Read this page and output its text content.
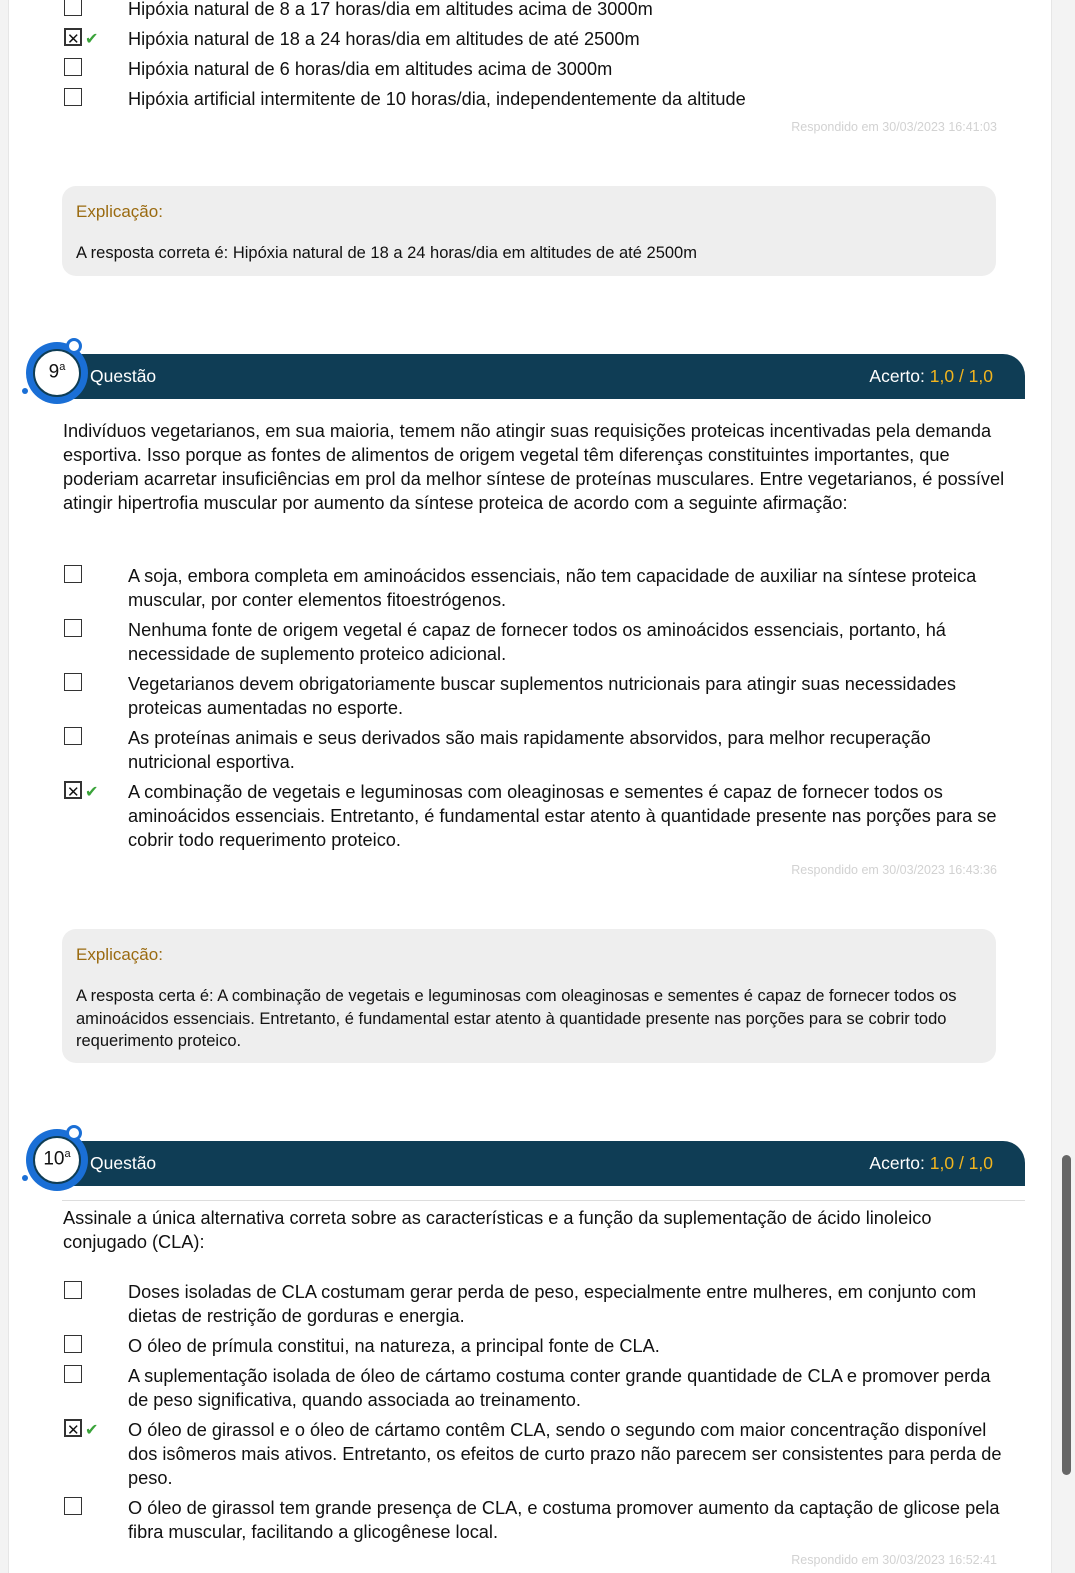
Hipóxia natural de 8 a 17 horas/dia em altitudes acima de 3000m
✕
✔ Hipóxia natural de 18 a 24 horas/dia em altitudes de até 2500m
Hipóxia natural de 6 horas/dia em altitudes acima de 3000m
Hipóxia artificial intermitente de 10 horas/dia, independentemente da altitude
Respondido em 30/03/2023 16:41:03
Explicação:
A resposta correta é: Hipóxia natural de 18 a 24 horas/dia em altitudes de até 2500m
Questão	Acerto: 1,0 / 1,0
9$^a$
Indivíduos vegetarianos, em sua maioria, temem não atingir suas requisições proteicas incentivadas pela demanda esportiva. Isso porque as fontes de alimentos de origem vegetal têm diferenças constituintes importantes, que poderiam acarretar insuficiências em prol da melhor síntese de proteínas musculares. Entre vegetarianos, é possível atingir hipertrofia muscular por aumento da síntese proteica de acordo com a seguinte afirmação:
A soja, embora completa em aminoácidos essenciais, não tem capacidade de auxiliar na síntese proteica muscular, por conter elementos fitoestrógenos.
Nenhuma fonte de origem vegetal é capaz de fornecer todos os aminoácidos essenciais, portanto, há necessidade de suplemento proteico adicional.
Vegetarianos devem obrigatoriamente buscar suplementos nutricionais para atingir suas necessidades proteicas aumentadas no esporte.
As proteínas animais e seus derivados são mais rapidamente absorvidos, para melhor recuperação nutricional esportiva.
✕
✔ A combinação de vegetais e leguminosas com oleaginosas e sementes é capaz de fornecer todos os aminoácidos essenciais. Entretanto, é fundamental estar atento à quantidade presente nas porções para se cobrir todo requerimento proteico.
Respondido em 30/03/2023 16:43:36
Explicação:
A resposta certa é: A combinação de vegetais e leguminosas com oleaginosas e sementes é capaz de fornecer todos os aminoácidos essenciais. Entretanto, é fundamental estar atento à quantidade presente nas porções para se cobrir todo requerimento proteico.
Questão	Acerto: 1,0 / 1,0
10$^a$
Assinale a única alternativa correta sobre as características e a função da suplementação de ácido linoleico conjugado (CLA):
Doses isoladas de CLA costumam gerar perda de peso, especialmente entre mulheres, em conjunto com dietas de restrição de gorduras e energia.
O óleo de prímula constitui, na natureza, a principal fonte de CLA.
A suplementação isolada de óleo de cártamo costuma conter grande quantidade de CLA e promover perda de peso significativa, quando associada ao treinamento.
✕
✔ O óleo de girassol e o óleo de cártamo contêm CLA, sendo o segundo com maior concentração disponível dos isômeros mais ativos. Entretanto, os efeitos de curto prazo não parecem ser consistentes para perda de peso.
O óleo de girassol tem grande presença de CLA, e costuma promover aumento da captação de glicose pela fibra muscular, facilitando a glicogênese local.
Respondido em 30/03/2023 16:52:41
